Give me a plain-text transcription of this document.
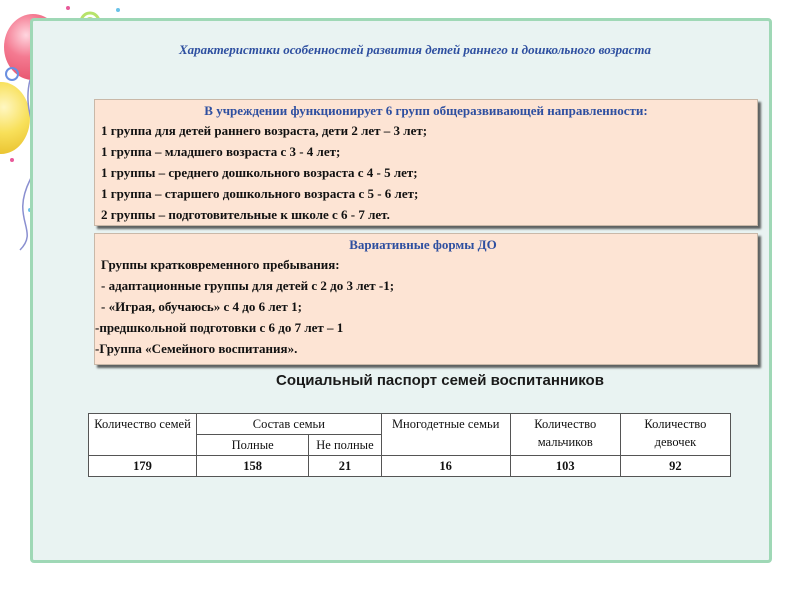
Характеристики особенностей развития детей раннего и дошкольного возраста
В учреждении функционирует 6 групп общеразвивающей направленности:
1 группа для детей раннего возраста, дети 2 лет – 3 лет;
1 группа – младшего возраста с 3 - 4 лет;
1 группы – среднего дошкольного возраста с 4 - 5 лет;
1 группа – старшего дошкольного возраста с 5 - 6 лет;
2 группы – подготовительные к школе с 6 - 7 лет.
Вариативные формы ДО
Группы кратковременного пребывания:
- адаптационные группы для детей с 2 до 3 лет -1;
- «Играя, обучаюсь» с 4 до 6 лет 1;
-предшкольной подготовки с 6 до 7 лет – 1
-Группа «Семейного воспитания».
Социальный паспорт семей воспитанников
Количество семей	Состав семьи		Многодетные семьи	Количество мальчиков	Количество девочек
	Полные	Не полные			
179	158	21	16	103	92
